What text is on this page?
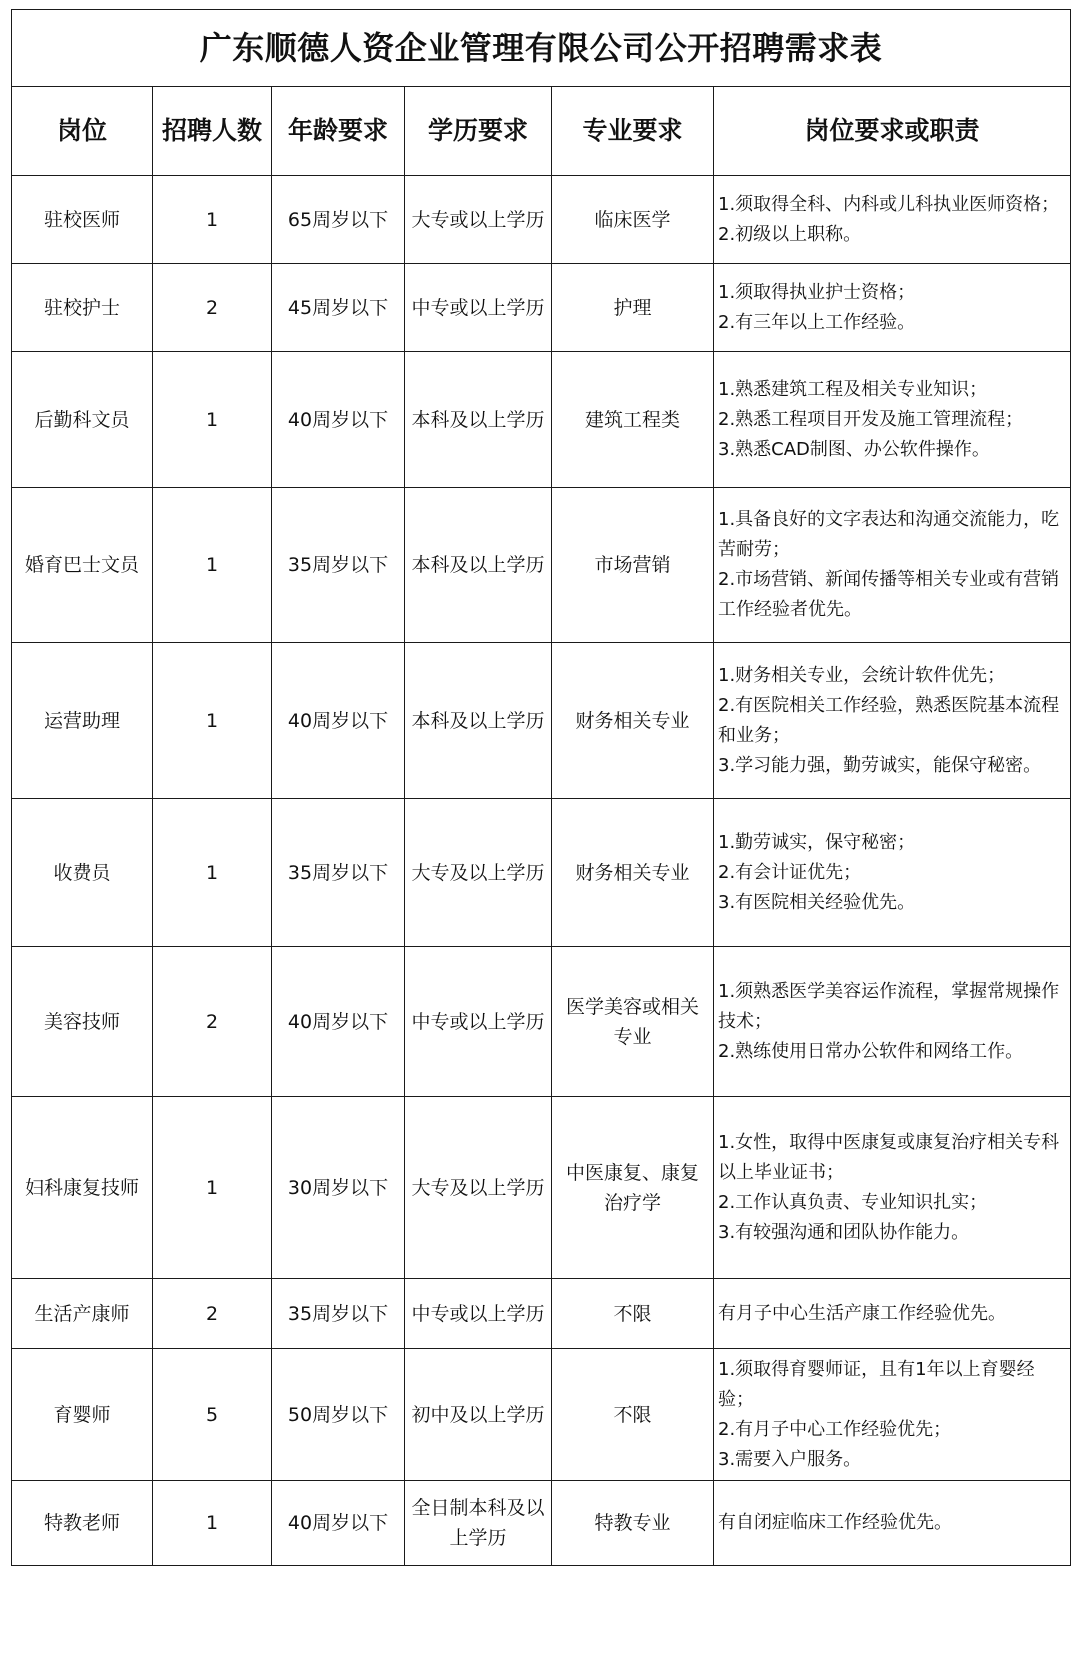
广东顺德人资企业管理有限公司公开招聘需求表					
岗位	招聘人数	年龄要求	学历要求	专业要求	岗位要求或职责
驻校医师	1	65周岁以下	大专或以上学历	临床医学	1.须取得全科、内科或儿科执业医师资格；
2.初级以上职称。

驻校护士	2	45周岁以下	中专或以上学历	护理	1.须取得执业护士资格；
2.有三年以上工作经验。

后勤科文员	1	40周岁以下	本科及以上学历	建筑工程类	1.熟悉建筑工程及相关专业知识；
2.熟悉工程项目开发及施工管理流程；
3.熟悉CAD制图、办公软件操作。

婚育巴士文员	1	35周岁以下	本科及以上学历	市场营销	1.具备良好的文字表达和沟通交流能力，吃苦耐劳；
2.市场营销、新闻传播等相关专业或有营销工作经验者优先。

运营助理	1	40周岁以下	本科及以上学历	财务相关专业	1.财务相关专业，会统计软件优先；
2.有医院相关工作经验，熟悉医院基本流程和业务；
3.学习能力强，勤劳诚实，能保守秘密。

收费员	1	35周岁以下	大专及以上学历	财务相关专业	1.勤劳诚实，保守秘密；
2.有会计证优先；
3.有医院相关经验优先。

美容技师	2	40周岁以下	中专或以上学历	医学美容或相关专业	1.须熟悉医学美容运作流程，掌握常规操作技术；
2.熟练使用日常办公软件和网络工作。

妇科康复技师	1	30周岁以下	大专及以上学历	中医康复、康复治疗学	1.女性，取得中医康复或康复治疗相关专科以上毕业证书；
2.工作认真负责、专业知识扎实；
3.有较强沟通和团队协作能力。

生活产康师	2	35周岁以下	中专或以上学历	不限	有月子中心生活产康工作经验优先。

育婴师	5	50周岁以下	初中及以上学历	不限	1.须取得育婴师证，且有1年以上育婴经验；
2.有月子中心工作经验优先；
3.需要入户服务。

特教老师	1	40周岁以下	全日制本科及以上学历	特教专业	有自闭症临床工作经验优先。
